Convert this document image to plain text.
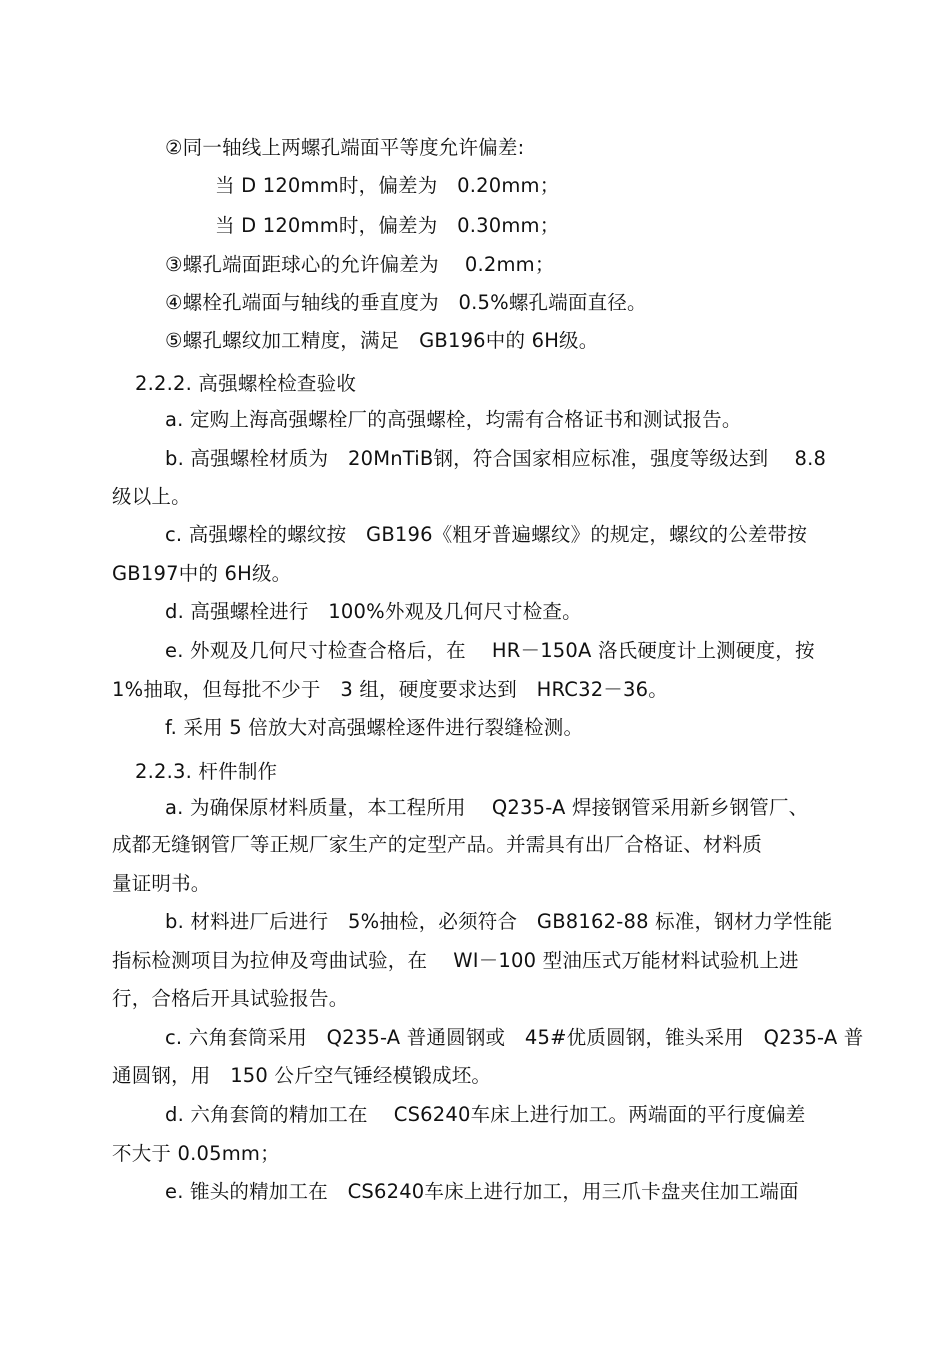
②同一轴线上两螺孔端面平等度允许偏差:
当 D 120mm时，偏差为　0.20mm；
当 D 120mm时，偏差为　0.30mm；
③螺孔端面距球心的允许偏差为　 0.2mm；
④螺栓孔端面与轴线的垂直度为　0.5%螺孔端面直径。
⑤螺孔螺纹加工精度，满足　GB196中的 6H级。
2.2.2. 高强螺栓检查验收
a. 定购上海高强螺栓厂的高强螺栓，均需有合格证书和测试报告。
b. 高强螺栓材质为　20MnTiB钢，符合国家相应标准，强度等级达到　 8.8
级以上。
c. 高强螺栓的螺纹按　GB196《粗牙普遍螺纹》的规定，螺纹的公差带按
GB197中的 6H级。
d. 高强螺栓进行　100%外观及几何尺寸检查。
e. 外观及几何尺寸检查合格后，在　 HR－150A 洛氏硬度计上测硬度，按
1%抽取，但每批不少于　3 组，硬度要求达到　HRC32－36。
f. 采用 5 倍放大对高强螺栓逐件进行裂缝检测。
2.2.3. 杆件制作
a. 为确保原材料质量，本工程所用　 Q235-A 焊接钢管采用新乡钢管厂、
成都无缝钢管厂等正规厂家生产的定型产品。并需具有出厂合格证、材料质
量证明书。
b. 材料进厂后进行　5%抽检，必须符合　GB8162-88 标准，钢材力学性能
指标检测项目为拉伸及弯曲试验，在　 WI－100 型油压式万能材料试验机上进
行，合格后开具试验报告。
c. 六角套筒采用　Q235-A 普通圆钢或　45#优质圆钢，锥头采用　Q235-A 普
通圆钢，用　150 公斤空气锤经模锻成坯。
d. 六角套筒的精加工在　 CS6240车床上进行加工。两端面的平行度偏差
不大于 0.05mm；
e. 锥头的精加工在　CS6240车床上进行加工，用三爪卡盘夹住加工端面
